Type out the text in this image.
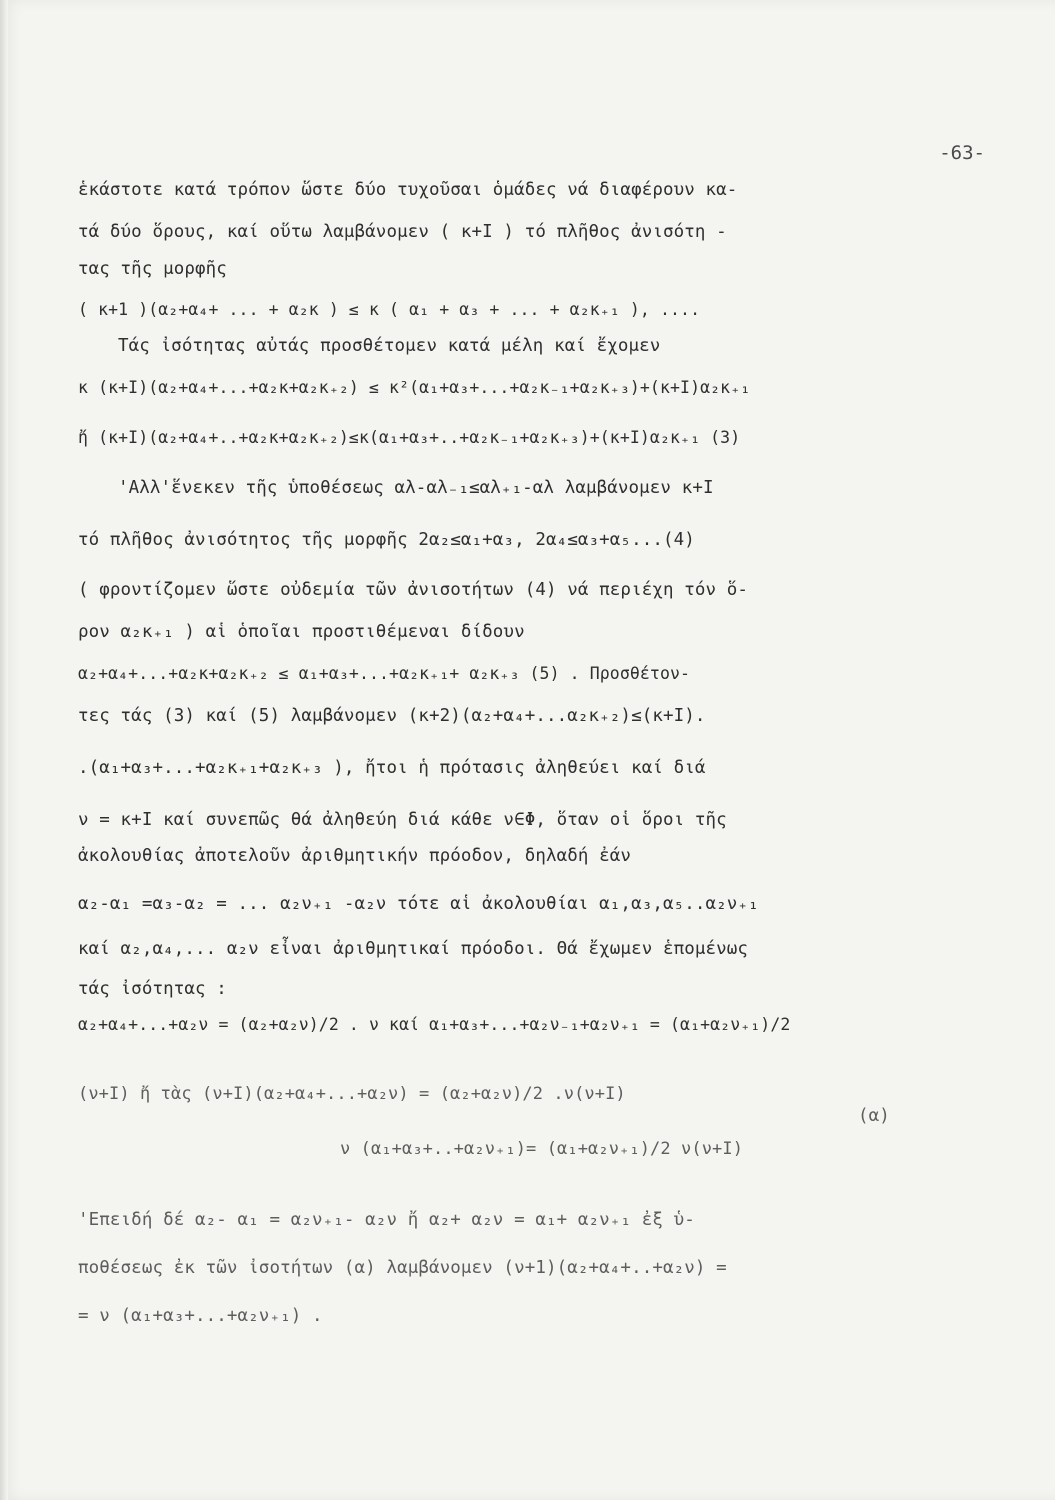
-63-
ἑκάστοτε κατά τρόπον ὥστε δύο τυχοῦσαι ὁμάδες νά διαφέρουν κα-
τά δύο ὅρους, καί οὕτω λαμβάνομεν ( κ+I ) τό πλῆθος ἀνισότη -
τας τῆς μορφῆς
( κ+1 )(α₂+α₄+ ... + α₂κ ) ≤ κ ( α₁ + α₃ + ... + α₂κ₊₁ ), ....
Τάς ἰσότητας αὐτάς προσθέτομεν κατά μέλη καί ἔχομεν
κ (κ+I)(α₂+α₄+...+α₂κ+α₂κ₊₂) ≤ κ²(α₁+α₃+...+α₂κ₋₁+α₂κ₊₃)+(κ+I)α₂κ₊₁
ἤ (κ+I)(α₂+α₄+..+α₂κ+α₂κ₊₂)≤κ(α₁+α₃+..+α₂κ₋₁+α₂κ₊₃)+(κ+I)α₂κ₊₁ (3)
'Αλλ'ἕνεκεν τῆς ὑποθέσεως αλ-αλ₋₁≤αλ₊₁-αλ λαμβάνομεν κ+I
τό πλῆθος ἀνισότητος τῆς μορφῆς 2α₂≤α₁+α₃, 2α₄≤α₃+α₅...(4)
( φροντίζομεν ὥστε οὐδεμία τῶν ἀνισοτήτων (4) νά περιέχη τόν ὅ-
ρον α₂κ₊₁ ) αἱ ὁποῖαι προστιθέμεναι δίδουν
α₂+α₄+...+α₂κ+α₂κ₊₂ ≤ α₁+α₃+...+α₂κ₊₁+ α₂κ₊₃ (5) . Προσθέτον-
τες τάς (3) καί (5) λαμβάνομεν (κ+2)(α₂+α₄+...α₂κ₊₂)≤(κ+I).
.(α₁+α₃+...+α₂κ₊₁+α₂κ₊₃ ), ἤτοι ἡ πρότασις ἀληθεύει καί διά
ν = κ+I καί συνεπῶς θά ἀληθεύη διά κάθε ν∈Φ, ὅταν οἱ ὅροι τῆς
ἀκολουθίας ἀποτελοῦν ἀριθμητικήν πρόοδον, δηλαδή ἐάν
α₂-α₁ =α₃-α₂ = ... α₂ν₊₁ -α₂ν τότε αἱ ἀκολουθίαι α₁,α₃,α₅..α₂ν₊₁
καί α₂,α₄,... α₂ν εἶναι ἀριθμητικαί πρόοδοι. Θά ἔχωμεν ἑπομένως
τάς ἰσότητας :
α₂+α₄+...+α₂ν = (α₂+α₂ν)/2 . ν καί α₁+α₃+...+α₂ν₋₁+α₂ν₊₁ = (α₁+α₂ν₊₁)/2
(ν+I) ἤ τὰς (ν+I)(α₂+α₄+...+α₂ν) = (α₂+α₂ν)/2 .ν(ν+I)
(α)
ν (α₁+α₃+..+α₂ν₊₁)= (α₁+α₂ν₊₁)/2 ν(ν+I)
'Επειδή δέ α₂- α₁ = α₂ν₊₁- α₂ν ἤ α₂+ α₂ν = α₁+ α₂ν₊₁ ἐξ ὑ-
ποθέσεως ἐκ τῶν ἰσοτήτων (α) λαμβάνομεν (ν+1)(α₂+α₄+..+α₂ν) =
= ν (α₁+α₃+...+α₂ν₊₁) .
